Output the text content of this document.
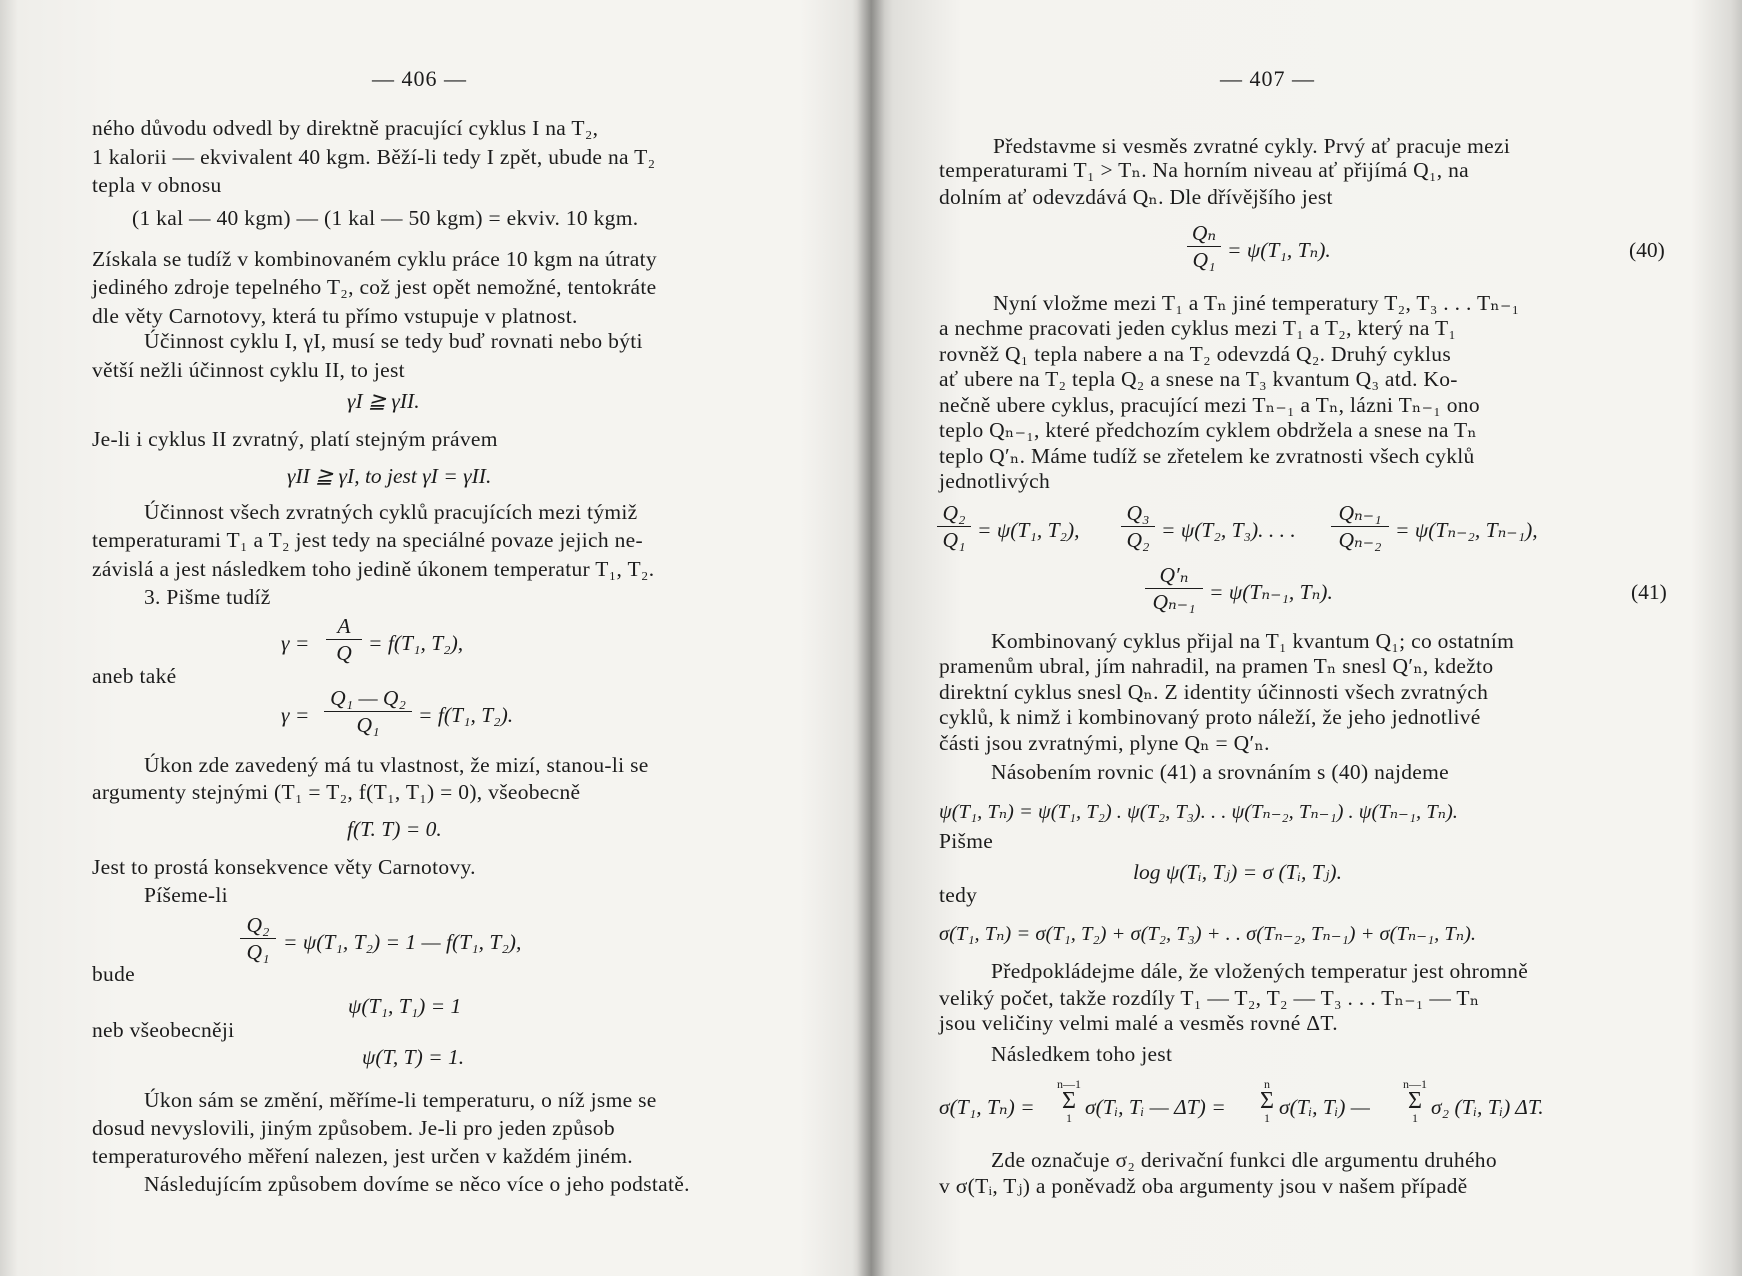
— 406 —
ného důvodu odvedl by direktně pracující cyklus I na T₂,
1 kalorii — ekvivalent 40 kgm. Běží-li tedy I zpět, ubude na T₂
tepla v obnosu
(1 kal — 40 kgm) — (1 kal — 50 kgm) = ekviv. 10 kgm.
Získala se tudíž v kombinovaném cyklu práce 10 kgm na útraty
jediného zdroje tepelného T₂, což jest opět nemožné, tentokráte
dle věty Carnotovy, která tu přímo vstupuje v platnost.
Účinnost cyklu I, γI, musí se tedy buď rovnati nebo býti
větší nežli účinnost cyklu II, to jest
γI ≧ γII.
Je-li i cyklus II zvratný, platí stejným právem
γII ≧ γI, to jest γI = γII.
Účinnost všech zvratných cyklů pracujících mezi týmiž
temperaturami T₁ a T₂ jest tedy na speciálné povaze jejich ne-
závislá a jest následkem toho jedině úkonem temperatur T₁, T₂.
3. Pišme tudíž
$\gamma = \frac{A}{Q} = f(T_1$, T₂),
aneb také
$\gamma = \frac{\text{Q₁ — Q₂}}{\text{Q₁}} = f(T_1$, T₂).
Úkon zde zavedený má tu vlastnost, že mizí, stanou-li se
argumenty stejnými (T₁ = T₂, f(T₁, T₁) = 0), všeobecně
f(T. T) = 0.
Jest to prostá konsekvence věty Carnotovy.
Píšeme-li
$\frac{\text{Q₂}}{\text{Q₁}} = \psi(T_1$, T₂) = 1 — f(T₁, T₂),
bude
ψ(T₁, T₁) = 1
neb všeobecněji
ψ(T, T) = 1.
Úkon sám se změní, měříme-li temperaturu, o níž jsme se
dosud nevyslovili, jiným způsobem. Je-li pro jeden způsob
temperaturového měření nalezen, jest určen v každém jiném.
Následujícím způsobem dovíme se něco více o jeho podstatě.
— 407 —
Představme si vesměs zvratné cykly. Prvý ať pracuje mezi
temperaturami T₁ > Tₙ. Na horním niveau ať přijímá Q₁, na
dolním ať odevzdává Qₙ. Dle dřívějšího jest
$\frac{\text{Qₙ}}{\text{Q₁}} = \psi(T_1$, Tₙ).	(40)
Nyní vložme mezi T₁ a Tₙ jiné temperatury T₂, T₃ . . . Tₙ₋₁
a nechme pracovati jeden cyklus mezi T₁ a T₂, který na T₁
rovněž Q₁ tepla nabere a na T₂ odevzdá Q₂. Druhý cyklus
ať ubere na T₂ tepla Q₂ a snese na T₃ kvantum Q₃ atd. Ko-
nečně ubere cyklus, pracující mezi Tₙ₋₁ a Tₙ, lázni Tₙ₋₁ ono
teplo Qₙ₋₁, které předchozím cyklem obdržela a snese na Tₙ
teplo Q′ₙ. Máme tudíž se zřetelem ke zvratnosti všech cyklů
jednotlivých
$\frac{\text{Q₂}}{\text{Q₁}} = \psi(T_1$, T₂), $\frac{\text{Q₃}}{\text{Q₂}} = \psi(T_2$, T₃). . . . $\frac{\text{Qₙ₋₁}}{\text{Qₙ₋₂}} = \psi(T_{n-2}$, Tₙ₋₁),
$\frac{\text{Q′ₙ}}{\text{Qₙ₋₁}} = \psi(T_{n-1}$, Tₙ).	(41)
Kombinovaný cyklus přijal na T₁ kvantum Q₁; co ostatním
pramenům ubral, jím nahradil, na pramen Tₙ snesl Q′ₙ, kdežto
direktní cyklus snesl Qₙ. Z identity účinnosti všech zvratných
cyklů, k nimž i kombinovaný proto náleží, že jeho jednotlivé
části jsou zvratnými, plyne Qₙ = Q′ₙ.
Násobením rovnic (41) a srovnáním s (40) najdeme
ψ(T₁, Tₙ) = ψ(T₁, T₂) . ψ(T₂, T₃). . . ψ(Tₙ₋₂, Tₙ₋₁) . ψ(Tₙ₋₁, Tₙ).
Pišme
log ψ(Tᵢ, Tⱼ) = σ (Tᵢ, Tⱼ).
tedy
σ(T₁, Tₙ) = σ(T₁, T₂) + σ(T₂, T₃) + . . σ(Tₙ₋₂, Tₙ₋₁) + σ(Tₙ₋₁, Tₙ).
Předpokládejme dále, že vložených temperatur jest ohromně
veliký počet, takže rozdíly T₁ — T₂, T₂ — T₃ . . . Tₙ₋₁ — Tₙ
jsou veličiny velmi malé a vesměs rovné ΔT.
Následkem toho jest
σ(T₁, Tₙ) =
n—1
Σ
1 σ(Tᵢ, Tᵢ — ΔT) =
n
Σ
1 σ(Tᵢ, Tᵢ) —
n—1
Σ
1 σ₂ (Tᵢ, Tᵢ) ΔT.
Zde označuje σ₂ derivační funkci dle argumentu druhého
v σ(Tᵢ, Tⱼ) a poněvadž oba argumenty jsou v našem případě
